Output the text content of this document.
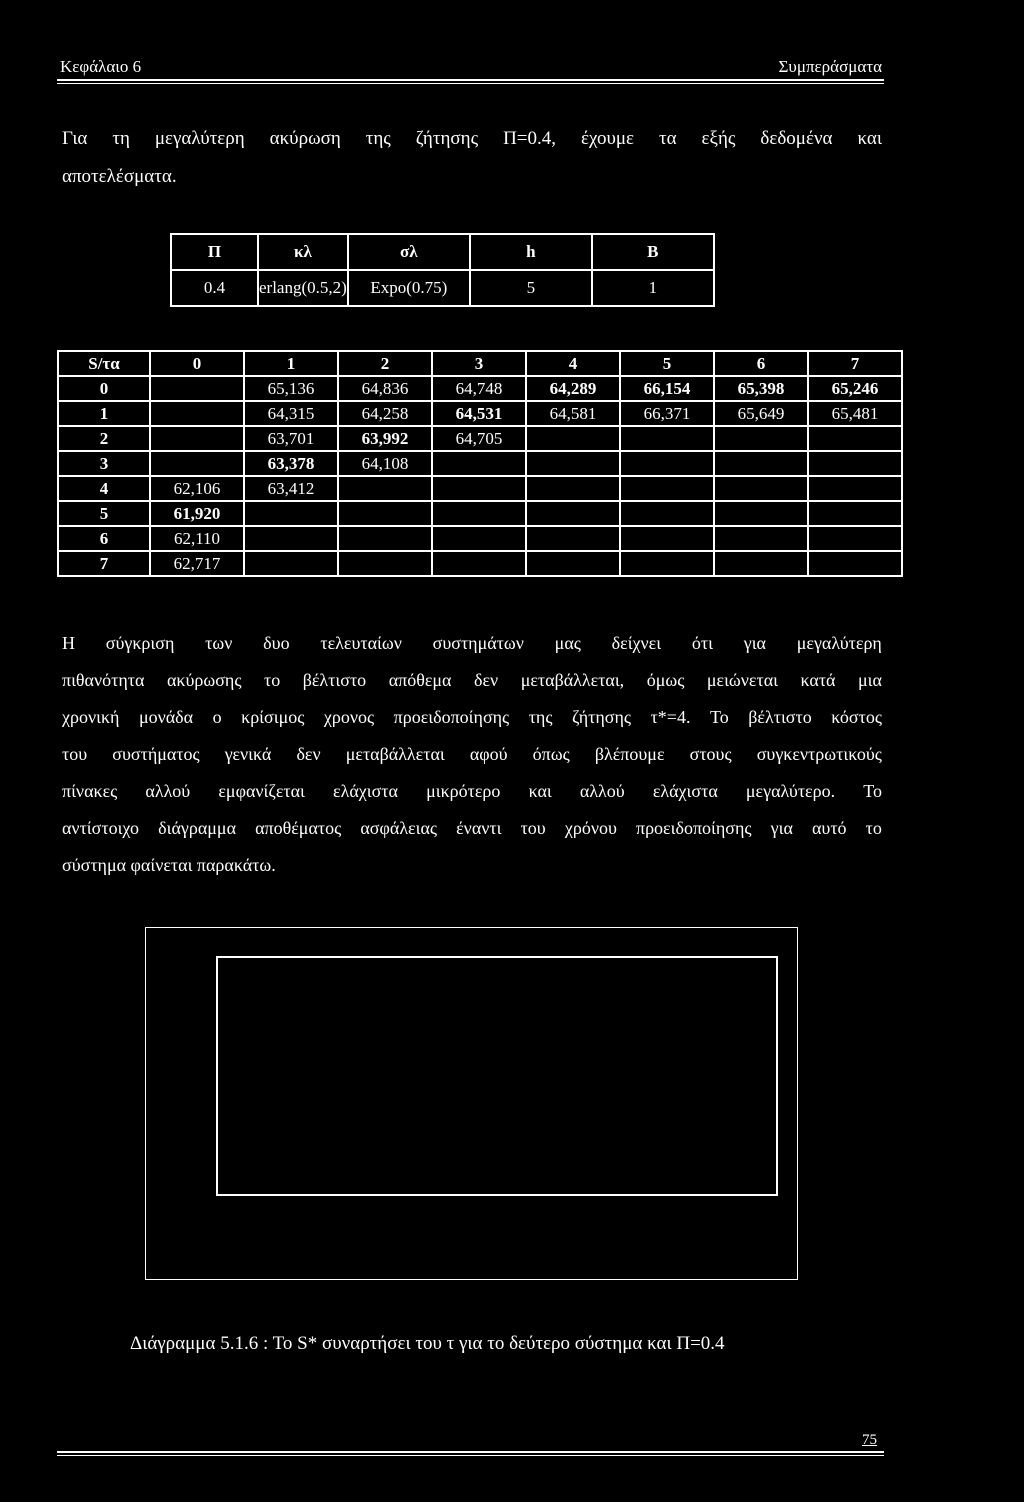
Κεφάλαιο 6	Συμπεράσματα
Για τη μεγαλύτερη ακύρωση της ζήτησης Π=0.4, έχουμε τα εξής δεδομένα και
αποτελέσματα.
Π	κλ	σλ	h	B
0.4	erlang(0.5,2)	Expo(0.75)	5	1
S/τα	0	1	2	3	4	5	6	7
0		65,136	64,836	64,748	64,289	66,154	65,398	65,246
1		64,315	64,258	64,531	64,581	66,371	65,649	65,481
2		63,701	63,992	64,705				
3		63,378	64,108					
4	62,106	63,412						
5	61,920							
6	62,110							
7	62,717							
Η σύγκριση των δυο τελευταίων συστημάτων μας δείχνει ότι για μεγαλύτερη
πιθανότητα ακύρωσης το βέλτιστο απόθεμα δεν μεταβάλλεται, όμως μειώνεται κατά μια
χρονική μονάδα ο κρίσιμος χρονος προειδοποίησης της ζήτησης τ*=4. Το βέλτιστο κόστος
του συστήματος γενικά δεν μεταβάλλεται αφού όπως βλέπουμε στους συγκεντρωτικούς
πίνακες αλλού εμφανίζεται ελάχιστα μικρότερο και αλλού ελάχιστα μεγαλύτερο. Το
αντίστοιχο διάγραμμα αποθέματος ασφάλειας έναντι του χρόνου προειδοποίησης για αυτό το
σύστημα φαίνεται παρακάτω.
Διάγραμμα 5.1.6 : Το S* συναρτήσει του τ για το δεύτερο σύστημα και Π=0.4
75
